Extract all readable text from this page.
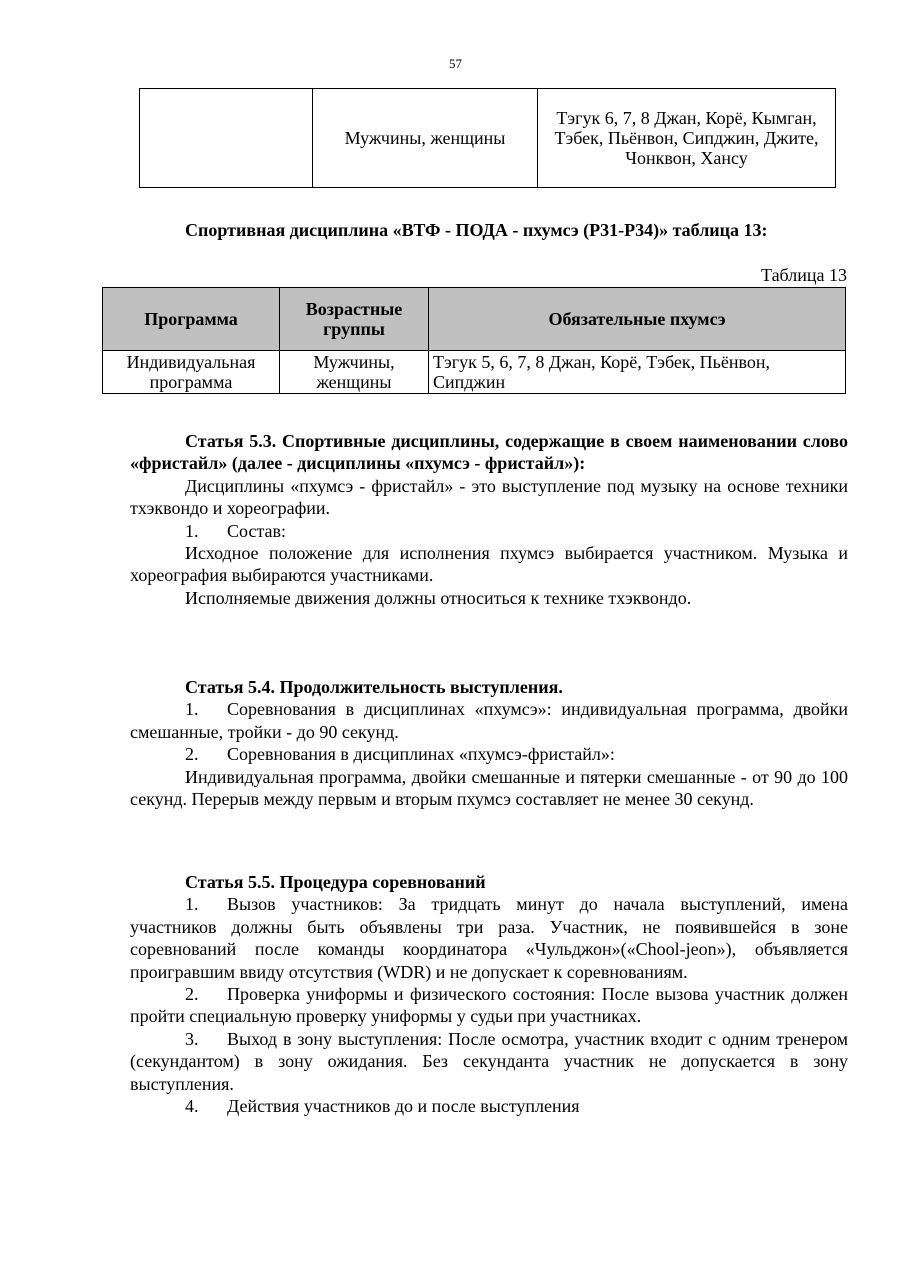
57
	Мужчины, женщины	Тэгук 6, 7, 8 Джан, Корё, Кымган, Тэбек, Пьёнвон, Сипджин, Джите, Чонквон, Хансу
Спортивная дисциплина «ВТФ - ПОДА - пхумсэ (Р31-Р34)» таблица 13:
Таблица 13
Программа	Возрастные группы	Обязательные пхумсэ
Индивидуальная программа	Мужчины, женщины	Тэгук 5, 6, 7, 8 Джан, Корё, Тэбек, Пьёнвон, Сипджин

Статья 5.3. Спортивные дисциплины, содержащие в своем наименовании слово «фристайл» (далее - дисциплины «пхумсэ - фристайл»):

Дисциплины «пхумсэ - фристайл» - это выступление под музыку на основе техники тхэквондо и хореографии.

1. Состав:

Исходное положение для исполнения пхумсэ выбирается участником. Музыка и хореография выбираются участниками.

Исполняемые движения должны относиться к технике тхэквондо.

Статья 5.4. Продолжительность выступления.

1. Соревнования в дисциплинах «пхумсэ»: индивидуальная программа, двойки смешанные, тройки - до 90 секунд.

2. Соревнования в дисциплинах «пхумсэ-фристайл»:

Индивидуальная программа, двойки смешанные и пятерки смешанные - от 90 до 100 секунд. Перерыв между первым и вторым пхумсэ составляет не менее 30 секунд.

Статья 5.5. Процедура соревнований

1. Вызов участников: За тридцать минут до начала выступлений, имена участников должны быть объявлены три раза. Участник, не появившейся в зоне соревнований после команды координатора «Чульджон»(«Chool-jeon»), объявляется проигравшим ввиду отсутствия (WDR) и не допускает к соревнованиям.

2. Проверка униформы и физического состояния: После вызова участник должен пройти специальную проверку униформы у судьи при участниках.

3. Выход в зону выступления: После осмотра, участник входит с одним тренером (секундантом) в зону ожидания. Без секунданта участник не допускается в зону выступления.

4. Действия участников до и после выступления
